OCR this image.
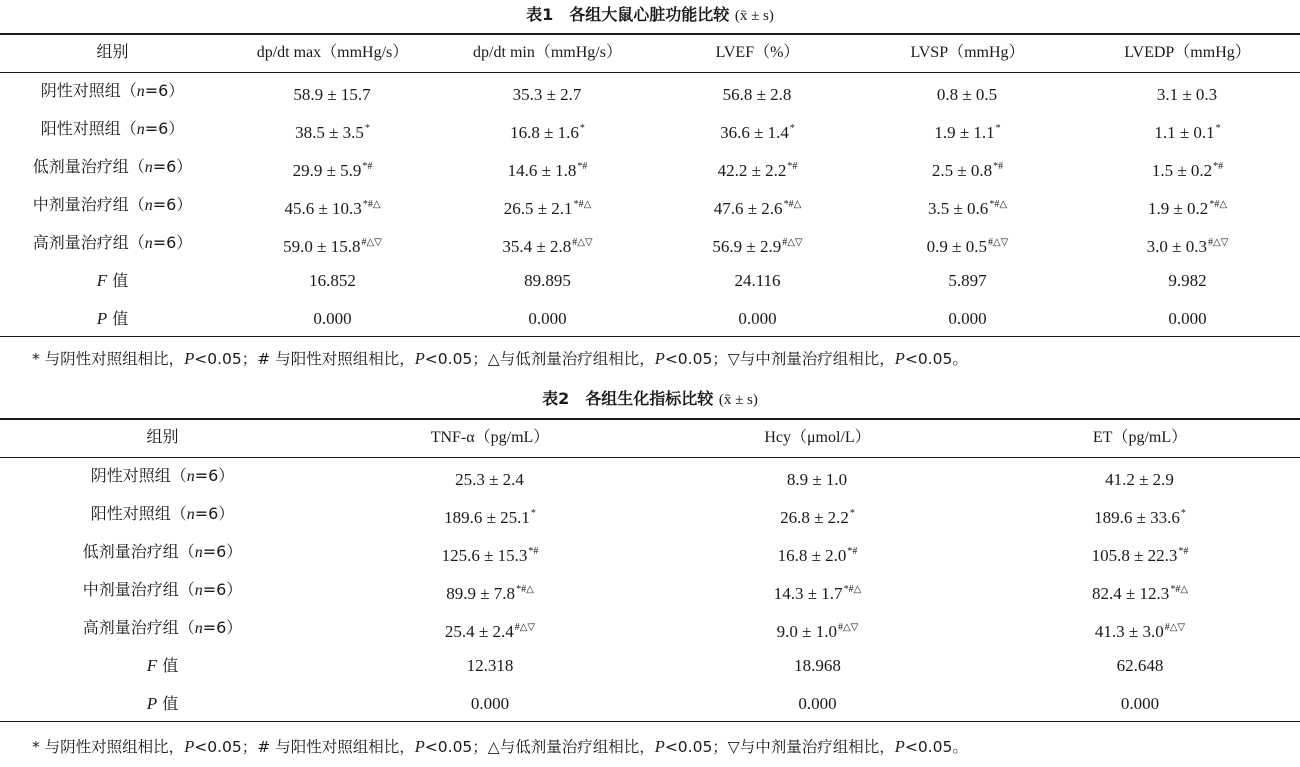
表1　各组大鼠心脏功能比较 (x̄ ± s)
组别	dp/dt max（mmHg/s）	dp/dt min（mmHg/s）	LVEF（%）	LVSP（mmHg）	LVEDP（mmHg）
阴性对照组（n=6）	58.9 ± 15.7	35.3 ± 2.7	56.8 ± 2.8	0.8 ± 0.5	3.1 ± 0.3
阳性对照组（n=6）	38.5 ± 3.5*	16.8 ± 1.6*	36.6 ± 1.4*	1.9 ± 1.1*	1.1 ± 0.1*
低剂量治疗组（n=6）	29.9 ± 5.9*#	14.6 ± 1.8*#	42.2 ± 2.2*#	2.5 ± 0.8*#	1.5 ± 0.2*#
中剂量治疗组（n=6）	45.6 ± 10.3*#△	26.5 ± 2.1*#△	47.6 ± 2.6*#△	3.5 ± 0.6*#△	1.9 ± 0.2*#△
高剂量治疗组（n=6）	59.0 ± 15.8#△▽	35.4 ± 2.8#△▽	56.9 ± 2.9#△▽	0.9 ± 0.5#△▽	3.0 ± 0.3#△▽
F 值	16.852	89.895	24.116	5.897	9.982
P 值	0.000	0.000	0.000	0.000	0.000
* 与阴性对照组相比，P<0.05；# 与阳性对照组相比，P<0.05；△与低剂量治疗组相比，P<0.05；▽与中剂量治疗组相比，P<0.05。
表2　各组生化指标比较 (x̄ ± s)
组别	TNF-α（pg/mL）	Hcy（μmol/L）	ET（pg/mL）
阴性对照组（n=6）	25.3 ± 2.4	8.9 ± 1.0	41.2 ± 2.9
阳性对照组（n=6）	189.6 ± 25.1*	26.8 ± 2.2*	189.6 ± 33.6*
低剂量治疗组（n=6）	125.6 ± 15.3*#	16.8 ± 2.0*#	105.8 ± 22.3*#
中剂量治疗组（n=6）	89.9 ± 7.8*#△	14.3 ± 1.7*#△	82.4 ± 12.3*#△
高剂量治疗组（n=6）	25.4 ± 2.4#△▽	9.0 ± 1.0#△▽	41.3 ± 3.0#△▽
F 值	12.318	18.968	62.648
P 值	0.000	0.000	0.000
* 与阴性对照组相比，P<0.05；# 与阳性对照组相比，P<0.05；△与低剂量治疗组相比，P<0.05；▽与中剂量治疗组相比，P<0.05。
